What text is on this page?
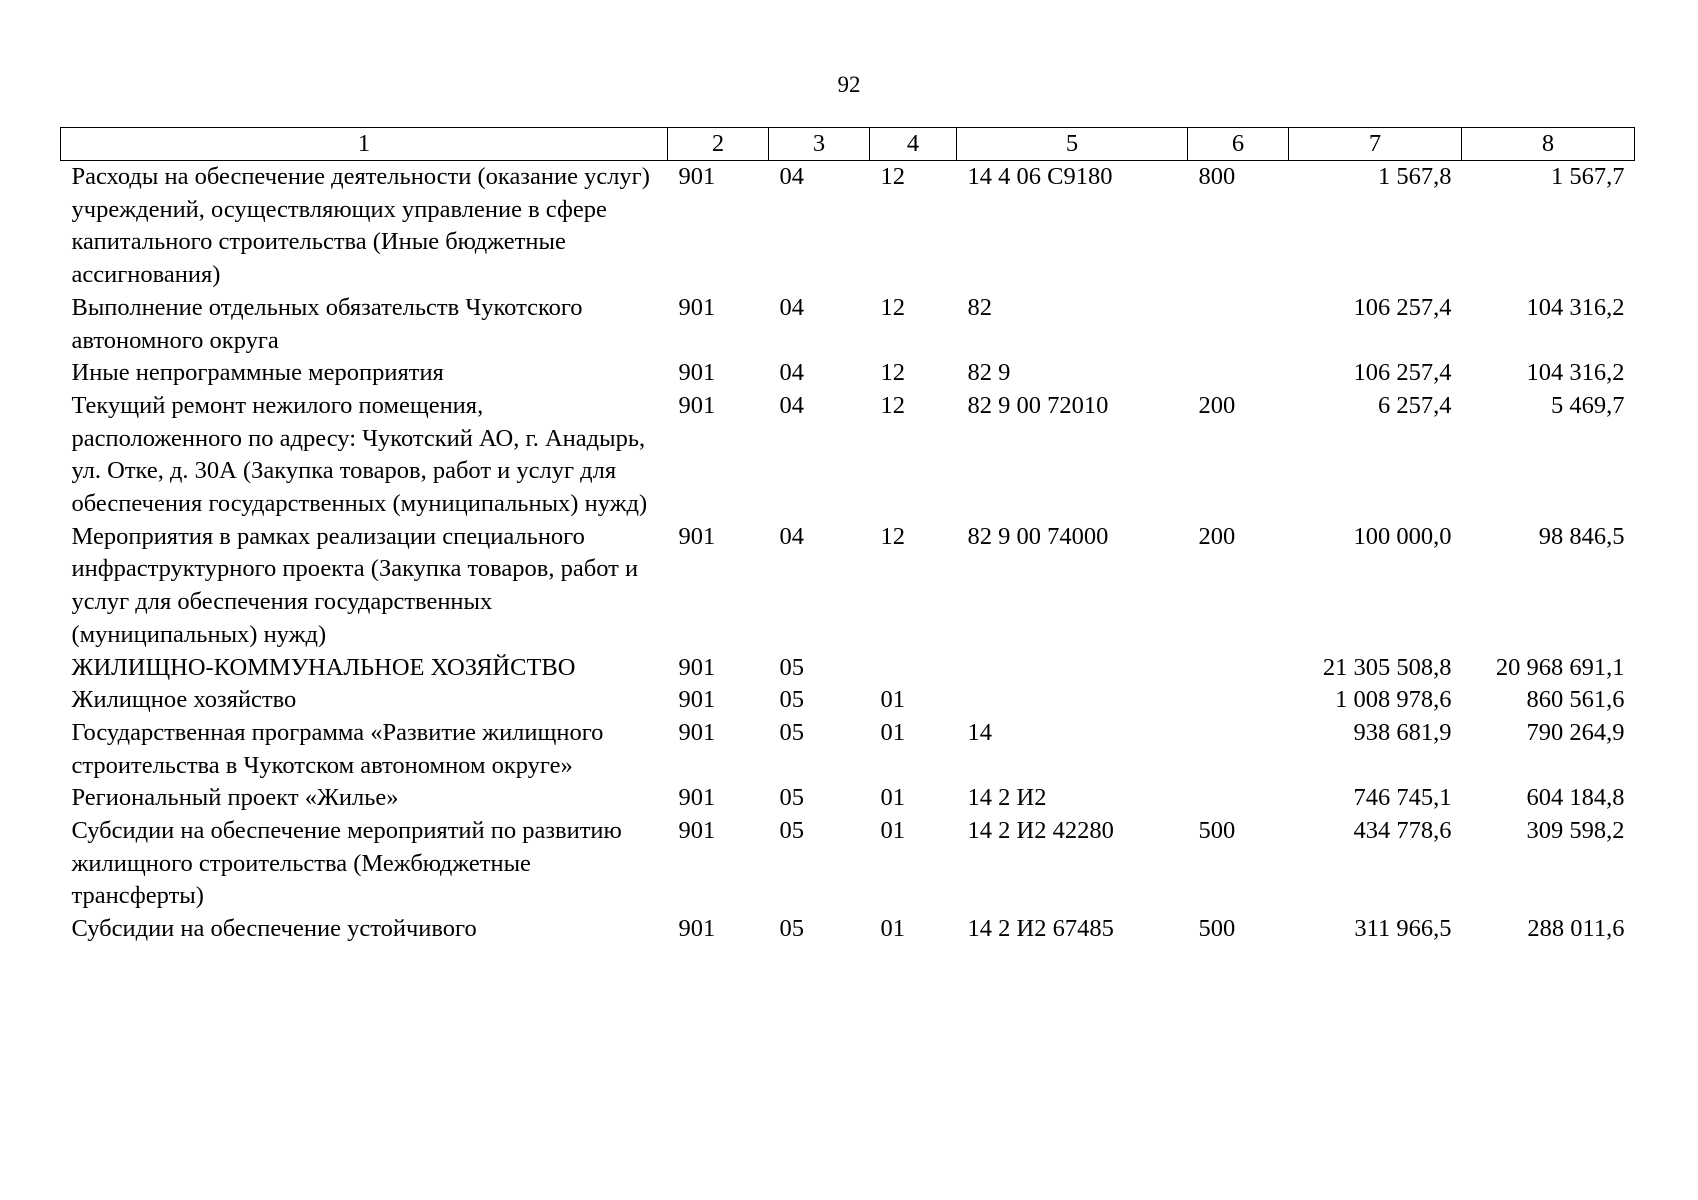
92
1	2	3	4	5	6	7	8
Расходы на обеспечение деятельности (оказание услуг) учреждений, осуществляющих управление в сфере капитального строительства (Иные бюджетные ассигнования)	901	04	12	14 4 06 С9180	800	1 567,8	1 567,7
Выполнение отдельных обязательств Чукотского автономного округа	901	04	12	82		106 257,4	104 316,2
Иные непрограммные мероприятия	901	04	12	82 9		106 257,4	104 316,2
Текущий ремонт нежилого помещения, расположенного по адресу: Чукотский АО, г. Анадырь, ул. Отке, д. 30А (Закупка товаров, работ и услуг для обеспечения государственных (муниципальных) нужд)	901	04	12	82 9 00 72010	200	6 257,4	5 469,7
Мероприятия в рамках реализации специального инфраструктурного проекта (Закупка товаров, работ и услуг для обеспечения государственных (муниципальных) нужд)	901	04	12	82 9 00 74000	200	100 000,0	98 846,5
ЖИЛИЩНО-КОММУНАЛЬНОЕ ХОЗЯЙСТВО	901	05				21 305 508,8	20 968 691,1
Жилищное хозяйство	901	05	01			1 008 978,6	860 561,6
Государственная программа «Развитие жилищного строительства в Чукотском автономном округе»	901	05	01	14		938 681,9	790 264,9
Региональный проект «Жилье»	901	05	01	14 2 И2		746 745,1	604 184,8
Субсидии на обеспечение мероприятий по развитию жилищного строительства (Межбюджетные трансферты)	901	05	01	14 2 И2 42280	500	434 778,6	309 598,2
Субсидии на обеспечение устойчивого	901	05	01	14 2 И2 67485	500	311 966,5	288 011,6
